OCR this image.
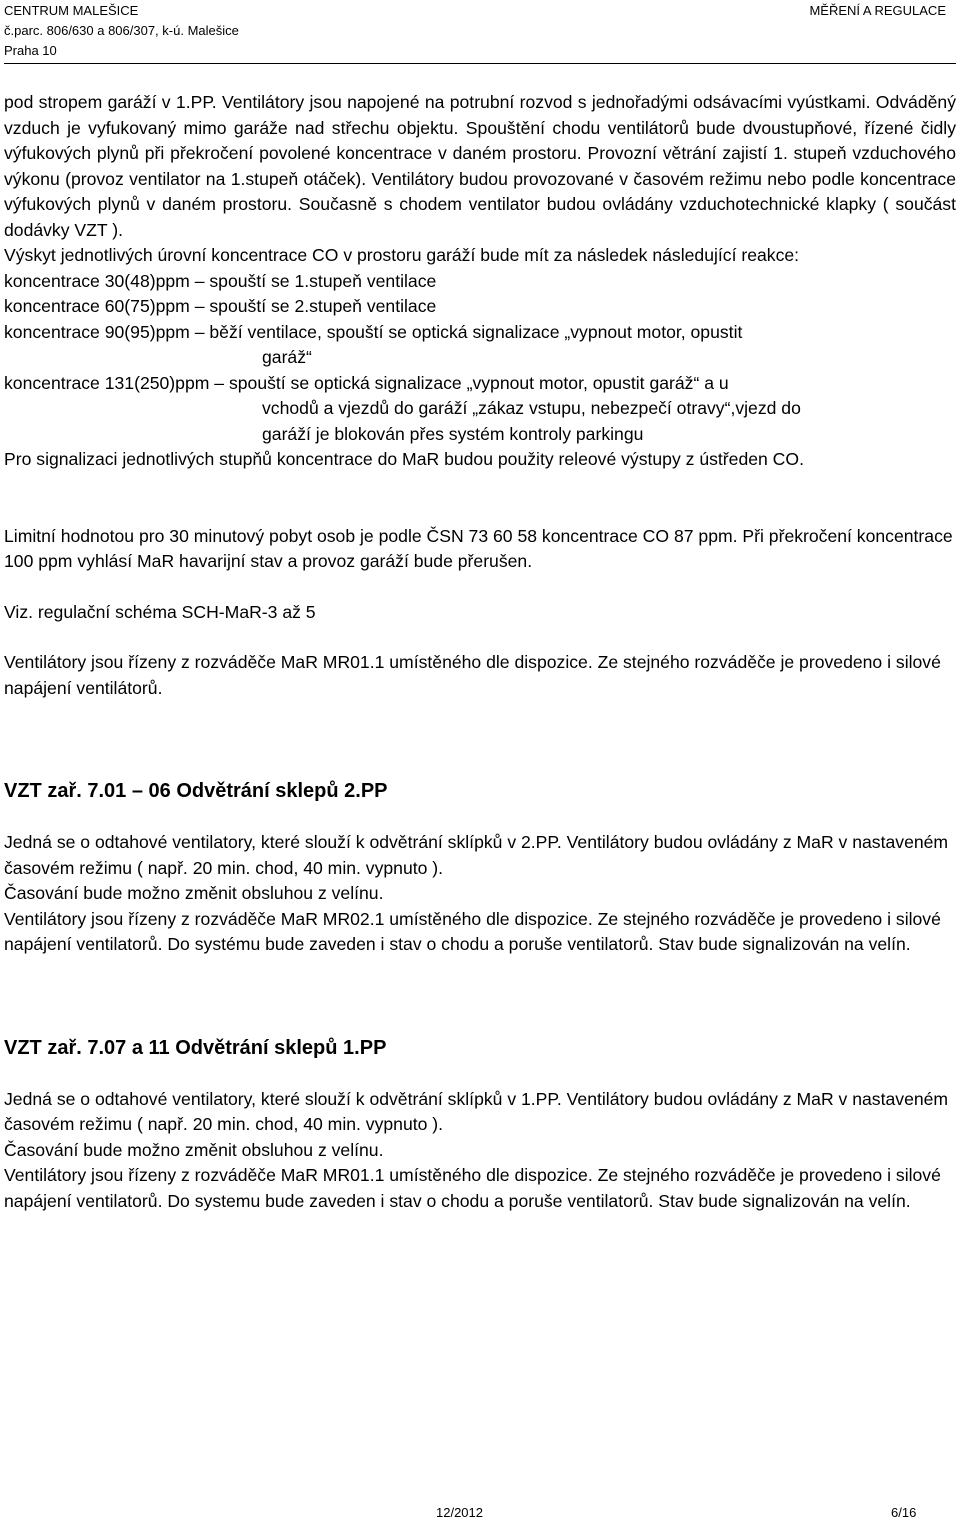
CENTRUM MALEŠICE
č.parc. 806/630 a 806/307, k-ú. Malešice
Praha 10
MĚŘENÍ A REGULACE

pod stropem garáží v 1.PP. Ventilátory jsou napojené na potrubní rozvod s jednořadými odsávacími vyústkami. Odváděný vzduch je vyfukovaný mimo garáže nad střechu objektu. Spouštění chodu ventilátorů bude dvoustupňové, řízené čidly výfukových plynů při překročení povolené koncentrace v daném prostoru. Provozní větrání zajistí 1. stupeň vzduchového výkonu (provoz ventilator na 1.stupeň otáček). Ventilátory budou provozované v časovém režimu nebo podle koncentrace výfukových plynů v daném prostoru. Současně s chodem ventilator budou ovládány vzduchotechnické klapky ( součást dodávky VZT ).

Výskyt jednotlivých úrovní koncentrace CO v prostoru garáží bude mít za následek následující reakce:

koncentrace 30(48)ppm – spouští se 1.stupeň ventilace
koncentrace 60(75)ppm – spouští se 2.stupeň ventilace
koncentrace 90(95)ppm – běží ventilace, spouští se optická signalizace „vypnout motor, opustit
garáž“
koncentrace 131(250)ppm – spouští se optická signalizace „vypnout motor, opustit garáž“ a u
vchodů a vjezdů do garáží „zákaz vstupu, nebezpečí otravy“,vjezd do
garáží je blokován přes systém kontroly parkingu

Pro signalizaci jednotlivých stupňů koncentrace do MaR budou použity releové výstupy z ústředen CO.

Limitní hodnotou pro 30 minutový pobyt osob je podle ČSN 73 60 58 koncentrace CO 87 ppm. Při překročení koncentrace 100 ppm vyhlásí MaR havarijní stav a provoz garáží bude přerušen.

Viz. regulační schéma SCH-MaR-3 až 5

Ventilátory jsou řízeny z rozváděče MaR MR01.1 umístěného dle dispozice. Ze stejného rozváděče je provedeno i silové napájení ventilátorů.

VZT zař. 7.01 – 06 Odvětrání sklepů 2.PP

Jedná se o odtahové ventilatory, které slouží k odvětrání sklípků v 2.PP. Ventilátory budou ovládány z MaR v nastaveném časovém režimu ( např. 20 min. chod, 40 min. vypnuto ).

Časování bude možno změnit obsluhou z velínu.

Ventilátory jsou řízeny z rozváděče MaR MR02.1 umístěného dle dispozice. Ze stejného rozváděče je provedeno i silové napájení ventilatorů. Do systému bude zaveden i stav o chodu a poruše ventilatorů. Stav bude signalizován na velín.

VZT zař. 7.07 a 11 Odvětrání sklepů 1.PP

Jedná se o odtahové ventilatory, které slouží k odvětrání sklípků v 1.PP. Ventilátory budou ovládány z MaR v nastaveném časovém režimu ( např. 20 min. chod, 40 min. vypnuto ).

Časování bude možno změnit obsluhou z velínu.

Ventilátory jsou řízeny z rozváděče MaR MR01.1 umístěného dle dispozice. Ze stejného rozváděče je provedeno i silové napájení ventilatorů. Do systemu bude zaveden i stav o chodu a poruše ventilatorů. Stav bude signalizován na velín.

12/2012	6/16
